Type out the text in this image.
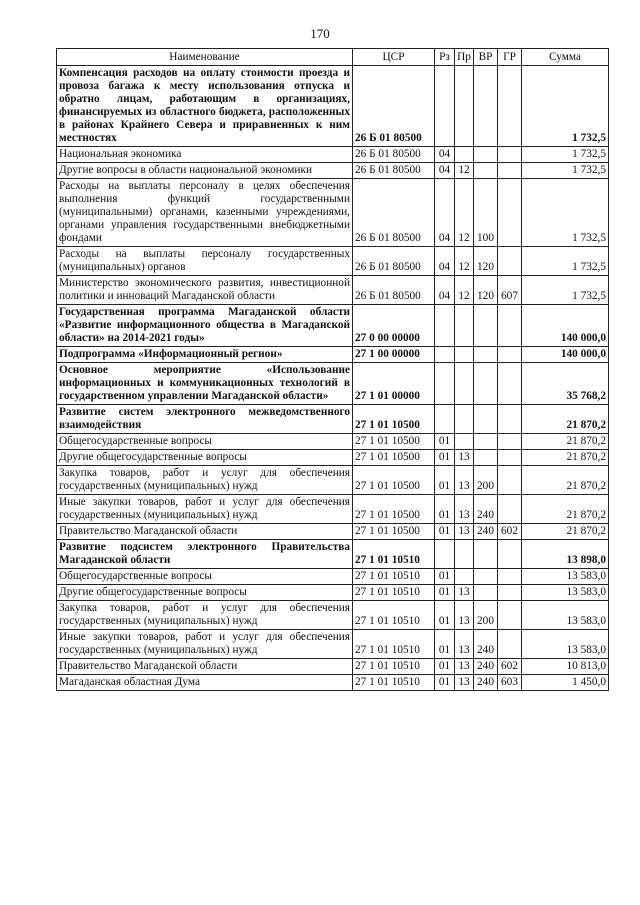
170
Наименование	ЦСР	Рз	Пр	ВР	ГР	Сумма
Компенсация расходов на оплату стоимости проезда и провоза багажа к месту использования отпуска и обратно лицам, работающим в организациях, финансируемых из областного бюджета, расположенных в районах Крайнего Севера и приравненных к ним местностях	26 Б 01 80500					1 732,5
Национальная экономика	26 Б 01 80500	04				1 732,5
Другие вопросы в области национальной экономики	26 Б 01 80500	04	12			1 732,5
Расходы на выплаты персоналу в целях обеспечения выполнения функций государственными (муниципальными) органами, казенными учреждениями, органами управления государственными внебюджетными фондами	26 Б 01 80500	04	12	100		1 732,5
Расходы на выплаты персоналу государственных (муниципальных) органов	26 Б 01 80500	04	12	120		1 732,5
Министерство экономического развития, инвестиционной политики и инноваций Магаданской области	26 Б 01 80500	04	12	120	607	1 732,5
Государственная программа Магаданской области «Развитие информационного общества в Магаданской области» на 2014-2021 годы»	27 0 00 00000					140 000,0
Подпрограмма «Информационный регион»	27 1 00 00000					140 000,0
Основное мероприятие «Использование информационных и коммуникационных технологий в государственном управлении Магаданской области»	27 1 01 00000					35 768,2
Развитие систем электронного межведомственного взаимодействия	27 1 01 10500					21 870,2
Общегосударственные вопросы	27 1 01 10500	01				21 870,2
Другие общегосударственные вопросы	27 1 01 10500	01	13			21 870,2
Закупка товаров, работ и услуг для обеспечения государственных (муниципальных) нужд	27 1 01 10500	01	13	200		21 870,2
Иные закупки товаров, работ и услуг для обеспечения государственных (муниципальных) нужд	27 1 01 10500	01	13	240		21 870,2
Правительство Магаданской области	27 1 01 10500	01	13	240	602	21 870,2
Развитие подсистем электронного Правительства Магаданской области	27 1 01 10510					13 898,0
Общегосударственные вопросы	27 1 01 10510	01				13 583,0
Другие общегосударственные вопросы	27 1 01 10510	01	13			13 583,0
Закупка товаров, работ и услуг для обеспечения государственных (муниципальных) нужд	27 1 01 10510	01	13	200		13 583,0
Иные закупки товаров, работ и услуг для обеспечения государственных (муниципальных) нужд	27 1 01 10510	01	13	240		13 583,0
Правительство Магаданской области	27 1 01 10510	01	13	240	602	10 813,0
Магаданская областная Дума	27 1 01 10510	01	13	240	603	1 450,0
